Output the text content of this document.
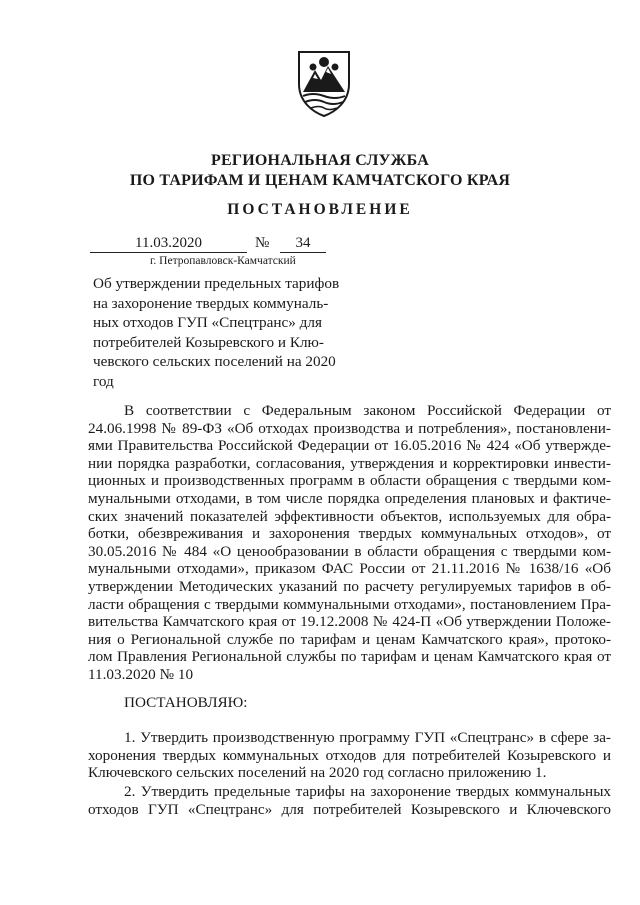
РЕГИОНАЛЬНАЯ СЛУЖБА
ПО ТАРИФАМ И ЦЕНАМ КАМЧАТСКОГО КРАЯ
ПОСТАНОВЛЕНИЕ
11.03.2020	№	34
г. Петропавловск-Камчатский
Об утверждении предельных тарифов
на захоронение твердых коммуналь-
ных отходов ГУП «Спецтранс» для
потребителей Козыревского и Клю-
чевского сельских поселений на 2020
год
В соответствии с Федеральным законом Российской Федерации от
24.06.1998 № 89-ФЗ «Об отходах производства и потребления», постановлени-
ями Правительства Российской Федерации от 16.05.2016 № 424 «Об утвержде-
нии порядка разработки, согласования, утверждения и корректировки инвести-
ционных и производственных программ в области обращения с твердыми ком-
мунальными отходами, в том числе порядка определения плановых и фактиче-
ских значений показателей эффективности объектов, используемых для обра-
ботки, обезвреживания и захоронения твердых коммунальных отходов», от
30.05.2016 № 484 «О ценообразовании в области обращения с твердыми ком-
мунальными отходами», приказом ФАС России от 21.11.2016 № 1638/16 «Об
утверждении Методических указаний по расчету регулируемых тарифов в об-
ласти обращения с твердыми коммунальными отходами», постановлением Пра-
вительства Камчатского края от 19.12.2008 № 424-П «Об утверждении Положе-
ния о Региональной службе по тарифам и ценам Камчатского края», протоко-
лом Правления Региональной службы по тарифам и ценам Камчатского края от
11.03.2020 № 10
ПОСТАНОВЛЯЮ:
1. Утвердить производственную программу ГУП «Спецтранс» в сфере за-
хоронения твердых коммунальных отходов для потребителей Козыревского и
Ключевского сельских поселений на 2020 год согласно приложению 1.
2. Утвердить предельные тарифы на захоронение твердых коммунальных
отходов ГУП «Спецтранс» для потребителей Козыревского и Ключевского
